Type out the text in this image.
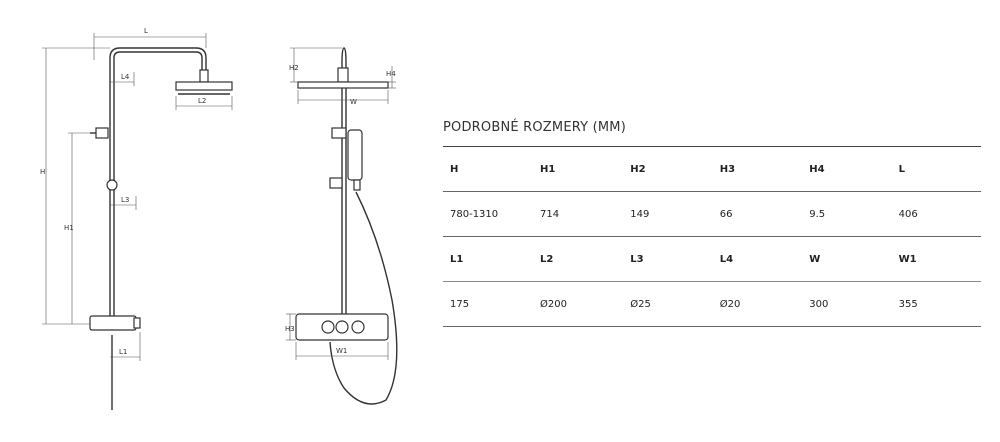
L
L4
L2
H
H1
L3
L1
H2
H4
W
H3
W1
PODROBNÉ ROZMERY (MM)
H	H1	H2	H3	H4	L
780-1310	714	149	66	9.5	406
L1	L2	L3	L4	W	W1
175	Ø200	Ø25	Ø20	300	355
